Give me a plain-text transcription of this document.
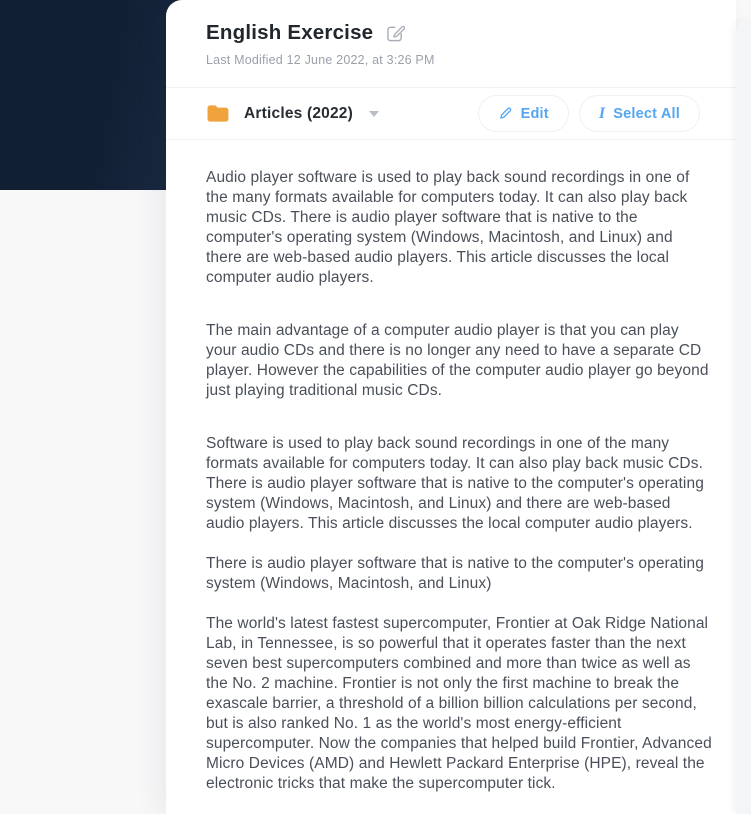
English Exercise
Last Modified 12 June 2022, at 3:26 PM
Articles (2022)	Edit	I Select All

Audio player software is used to play back sound recordings in one of the many formats available for computers today. It can also play back music CDs. There is audio player software that is native to the computer's operating system (Windows, Macintosh, and Linux) and there are web-based audio players. This article discusses the local computer audio players.

The main advantage of a computer audio player is that you can play your audio CDs and there is no longer any need to have a separate CD player. However the capabilities of the computer audio player go beyond just playing traditional music CDs.

Software is used to play back sound recordings in one of the many formats available for computers today. It can also play back music CDs. There is audio player software that is native to the computer's operating system (Windows, Macintosh, and Linux) and there are web-based audio players. This article discusses the local computer audio players.

There is audio player software that is native to the computer's operating system (Windows, Macintosh, and Linux)

The world's latest fastest supercomputer, Frontier at Oak Ridge National Lab, in Tennessee, is so powerful that it operates faster than the next seven best supercomputers combined and more than twice as well as the No. 2 machine. Frontier is not only the first machine to break the exascale barrier, a threshold of a billion billion calculations per second, but is also ranked No. 1 as the world's most energy-efficient supercomputer. Now the companies that helped build Frontier, Advanced Micro Devices (AMD) and Hewlett Packard Enterprise (HPE), reveal the electronic tricks that make the supercomputer tick.
